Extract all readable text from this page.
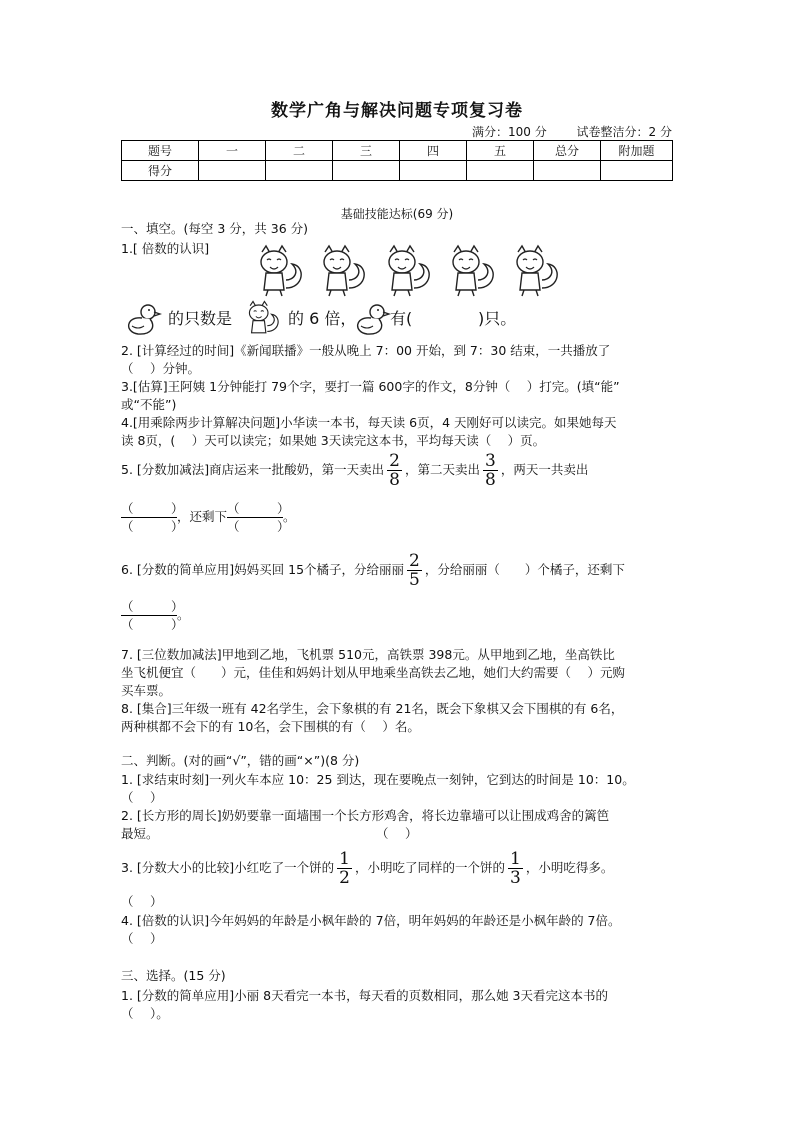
数学广角与解决问题专项复习卷
满分：100 分 试卷整洁分：2 分
题号	一	二	三	四	五	总分	附加题
得分							
基础技能达标(69 分)
一、填空。(每空 3 分，共 36 分)
1.[ 倍数的认识]
的只数是	的 6 倍， 有(	)只。
2. [计算经过的时间]《新闻联播》一般从晚上 7：00 开始，到 7：30 结束，一共播放了
（　 ）分钟。
3.[估算]王阿姨 1分钟能打 79个字，要打一篇 600字的作文，8分钟（　 ）打完。(填“能”
或“不能”)
4.[用乘除两步计算解决问题]小华读一本书，每天读 6页，4 天刚好可以读完。如果她每天
读 8页，(　 ）天可以读完；如果她 3天读完这本书，平均每天读（　 ）页。
5. [分数加减法]商店运来一批酸奶，第一天卖出 $\frac{2}{8}$ ，第二天卖出 $\frac{3}{8}$ ，两天一共卖出
（　　　）
（　　　）
，还剩下
（　　　）
（　　　）
。
6. [分数的简单应用]妈妈买回 15个橘子，分给丽丽 $\frac{2}{5}$ ，分给丽丽（　　）个橘子，还剩下
（　　　）
（　　　）
。
7. [三位数加减法]甲地到乙地，飞机票 510元，高铁票 398元。从甲地到乙地，坐高铁比
坐飞机便宜（　　）元，佳佳和妈妈计划从甲地乘坐高铁去乙地，她们大约需要（　 ）元购
买车票。
8. [集合]三年级一班有 42名学生，会下象棋的有 21名，既会下象棋又会下围棋的有 6名，
两种棋都不会下的有 10名，会下围棋的有（　 ）名。
二、判断。(对的画“√”，错的画“×”)(8 分)
1. [求结束时刻]一列火车本应 10：25 到达，现在要晚点一刻钟，它到达的时间是 10：10。
（　 ）
2. [长方形的周长]奶奶要靠一面墙围一个长方形鸡舍，将长边靠墙可以让围成鸡舍的篱笆
最短。	（　 ）
3. [分数大小的比较]小红吃了一个饼的 $\frac{1}{2}$ ，小明吃了同样的一个饼的 $\frac{1}{3}$ ，小明吃得多。
（　 ）
4. [倍数的认识]今年妈妈的年龄是小枫年龄的 7倍，明年妈妈的年龄还是小枫年龄的 7倍。
（　 ）
三、选择。(15 分)
1. [分数的简单应用]小丽 8天看完一本书，每天看的页数相同，那么她 3天看完这本书的
（　 ）。
